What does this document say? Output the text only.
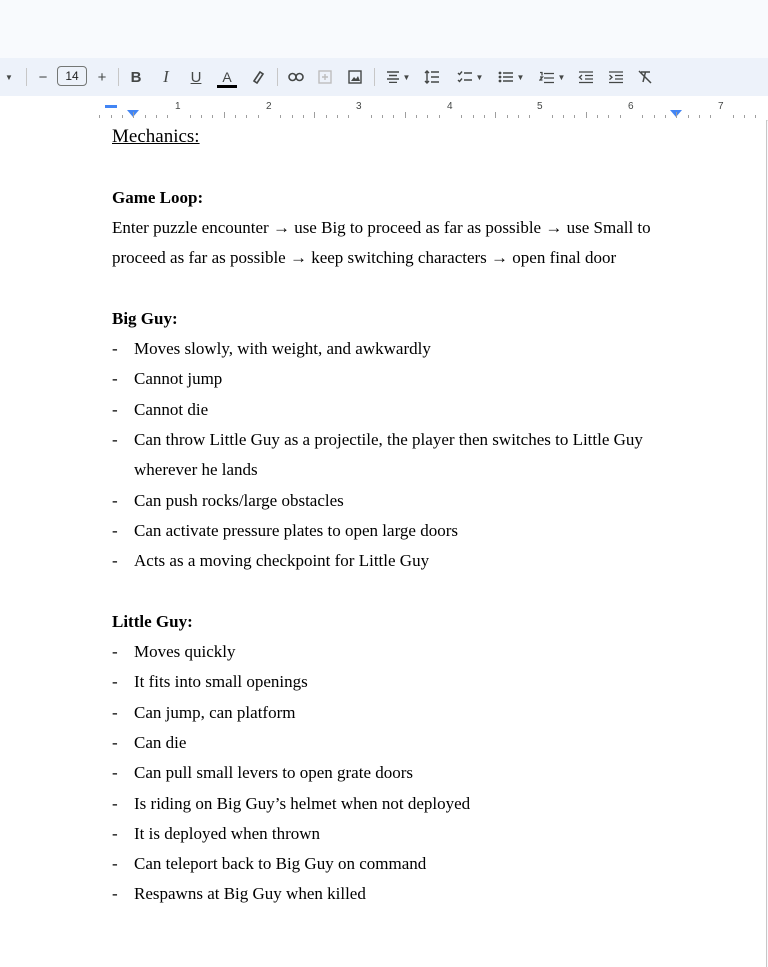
▼	−	14	+	B	I	U A	▼	▼	▼	▼
1	2	3	4	5	6	7
Mechanics:
Game Loop:
Enter puzzle encounter → use Big to proceed as far as possible → use Small to
proceed as far as possible → keep switching characters → open final door
Big Guy:
- Moves slowly, with weight, and awkwardly
- Cannot jump
- Cannot die
- Can throw Little Guy as a projectile, the player then switches to Little Guy wherever he lands
- Can push rocks/large obstacles
- Can activate pressure plates to open large doors
- Acts as a moving checkpoint for Little Guy
Little Guy:
- Moves quickly
- It fits into small openings
- Can jump, can platform
- Can die
- Can pull small levers to open grate doors
- Is riding on Big Guy’s helmet when not deployed
- It is deployed when thrown
- Can teleport back to Big Guy on command
- Respawns at Big Guy when killed
